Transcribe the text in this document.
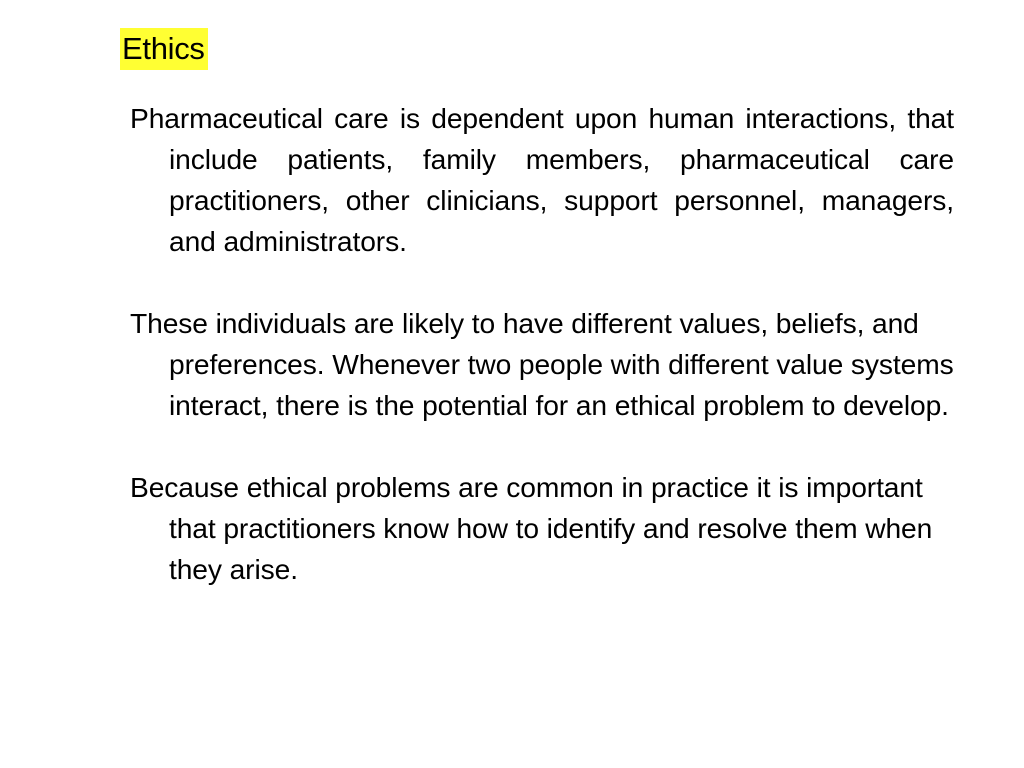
Ethics

Pharmaceutical care is dependent upon human interactions, that include patients, family members, pharmaceutical care practitioners, other clinicians, support personnel, managers, and administrators.

These individuals are likely to have different values, beliefs, and preferences. Whenever two people with different value systems interact, there is the potential for an ethical problem to develop.

Because ethical problems are common in practice it is important that practitioners know how to identify and resolve them when they arise.
